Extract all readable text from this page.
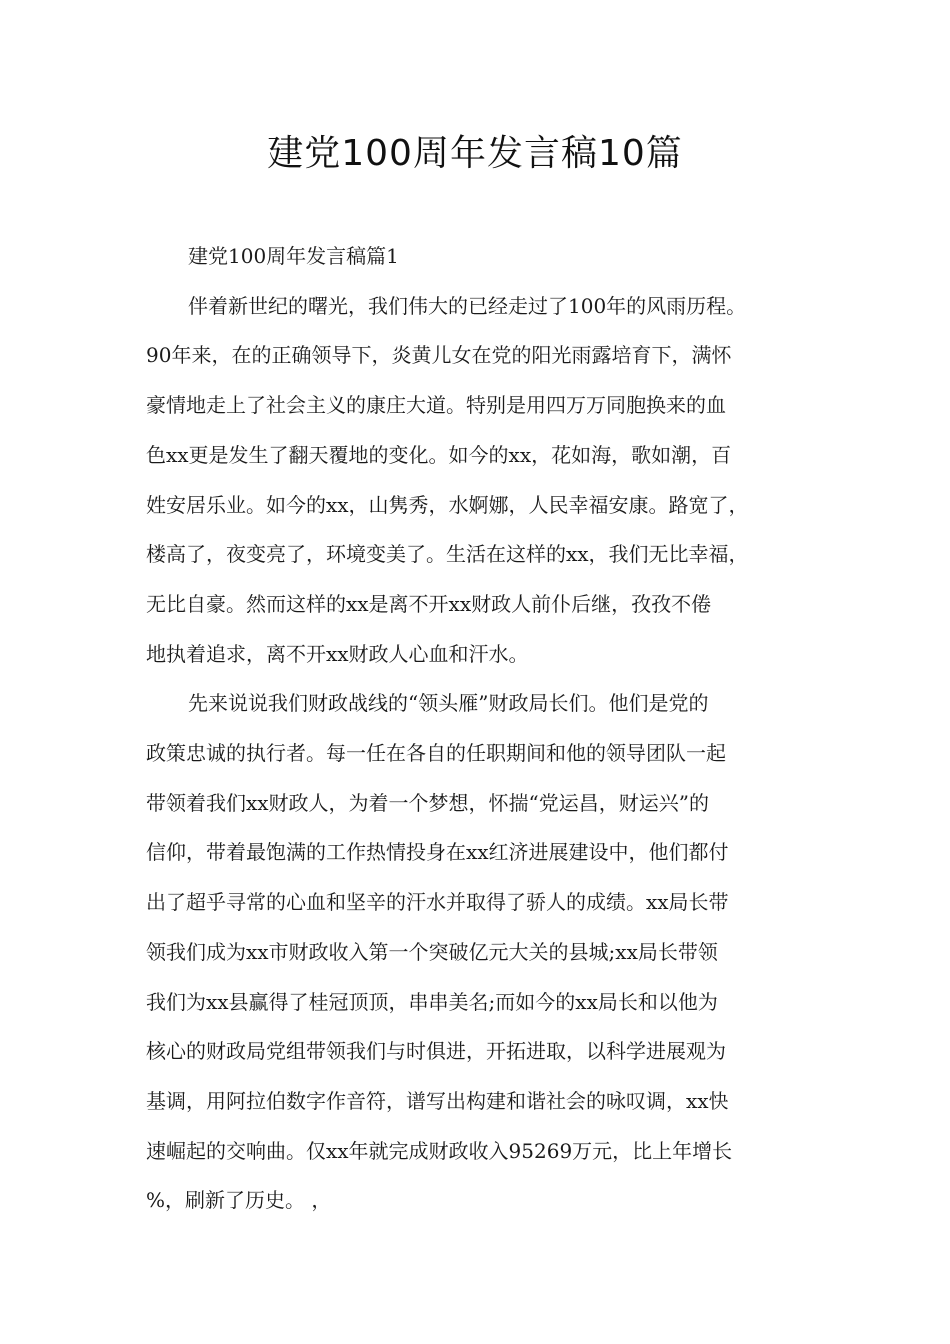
建党100周年发言稿10篇
建党100周年发言稿篇1
伴着新世纪的曙光，我们伟大的已经走过了100年的风雨历程。
90年来，在的正确领导下，炎黄儿女在党的阳光雨露培育下，满怀
豪情地走上了社会主义的康庄大道。特别是用四万万同胞换来的血
色xx更是发生了翻天覆地的变化。如今的xx，花如海，歌如潮，百
姓安居乐业。如今的xx，山隽秀，水婀娜，人民幸福安康。路宽了，
楼高了，夜变亮了，环境变美了。生活在这样的xx，我们无比幸福，
无比自豪。然而这样的xx是离不开xx财政人前仆后继，孜孜不倦
地执着追求，离不开xx财政人心血和汗水。
先来说说我们财政战线的“领头雁”财政局长们。他们是党的
政策忠诚的执行者。每一任在各自的任职期间和他的领导团队一起
带领着我们xx财政人，为着一个梦想，怀揣“党运昌，财运兴”的
信仰，带着最饱满的工作热情投身在xx红济进展建设中，他们都付
出了超乎寻常的心血和坚辛的汗水并取得了骄人的成绩。xx局长带
领我们成为xx市财政收入第一个突破亿元大关的县城;xx局长带领
我们为xx县赢得了桂冠顶顶，串串美名;而如今的xx局长和以他为
核心的财政局党组带领我们与时俱进，开拓进取，以科学进展观为
基调，用阿拉伯数字作音符，谱写出构建和谐社会的咏叹调，xx快
速崛起的交响曲。仅xx年就完成财政收入95269万元，比上年增长
%，刷新了历史。 ，
